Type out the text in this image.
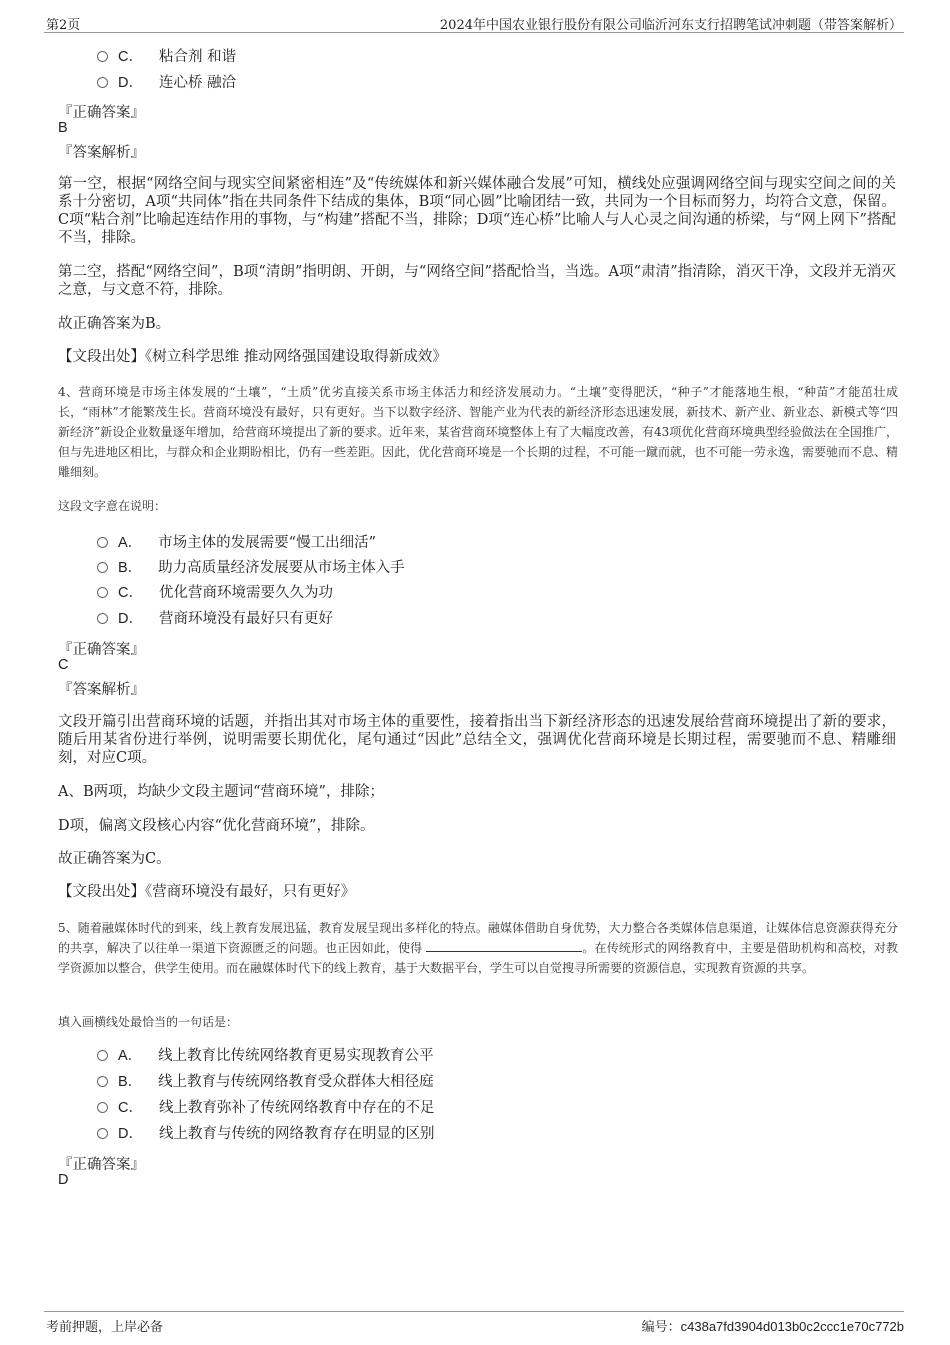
第2页	2024年中国农业银行股份有限公司临沂河东支行招聘笔试冲刺题（带答案解析）
C． 粘合剂 和谐
D． 连心桥 融洽
『正确答案』
B
『答案解析』
第一空，根据“网络空间与现实空间紧密相连”及“传统媒体和新兴媒体融合发展”可知，横线处应强调网络空间与现实空间之间的关系十分密切，A项“共同体”指在共同条件下结成的集体，B项“同心圆”比喻团结一致，共同为一个目标而努力，均符合文意，保留。C项“粘合剂”比喻起连结作用的事物，与“构建”搭配不当，排除；D项“连心桥”比喻人与人心灵之间沟通的桥梁，与“网上网下”搭配不当，排除。
第二空，搭配“网络空间”，B项“清朗”指明朗、开朗，与“网络空间”搭配恰当，当选。A项“肃清”指清除，消灭干净，文段并无消灭之意，与文意不符，排除。
故正确答案为B。
【文段出处】《树立科学思维 推动网络强国建设取得新成效》
4、营商环境是市场主体发展的“土壤”，“土质”优劣直接关系市场主体活力和经济发展动力。“土壤”变得肥沃，“种子”才能落地生根，“种苗”才能茁壮成长，“雨林”才能繁茂生长。营商环境没有最好，只有更好。当下以数字经济、智能产业为代表的新经济形态迅速发展，新技术、新产业、新业态、新模式等“四新经济”新设企业数量逐年增加，给营商环境提出了新的要求。近年来，某省营商环境整体上有了大幅度改善，有43项优化营商环境典型经验做法在全国推广，但与先进地区相比，与群众和企业期盼相比，仍有一些差距。因此，优化营商环境是一个长期的过程，不可能一蹴而就，也不可能一劳永逸，需要驰而不息、精雕细刻。
这段文字意在说明：
A． 市场主体的发展需要“慢工出细活”
B． 助力高质量经济发展要从市场主体入手
C． 优化营商环境需要久久为功
D． 营商环境没有最好只有更好
『正确答案』
C
『答案解析』
文段开篇引出营商环境的话题，并指出其对市场主体的重要性，接着指出当下新经济形态的迅速发展给营商环境提出了新的要求，随后用某省份进行举例，说明需要长期优化，尾句通过“因此”总结全文，强调优化营商环境是长期过程，需要驰而不息、精雕细刻，对应C项。
A、B两项，均缺少文段主题词“营商环境”，排除；
D项，偏离文段核心内容“优化营商环境”，排除。
故正确答案为C。
【文段出处】《营商环境没有最好，只有更好》
5、随着融媒体时代的到来，线上教育发展迅猛，教育发展呈现出多样化的特点。融媒体借助自身优势，大力整合各类媒体信息渠道，让媒体信息资源获得充分的共享，解决了以往单一渠道下资源匮乏的问题。也正因如此，使得	。在传统形式的网络教育中，主要是借助机构和高校，对教学资源加以整合，供学生使用。而在融媒体时代下的线上教育，基于大数据平台，学生可以自觉搜寻所需要的资源信息，实现教育资源的共享。
填入画横线处最恰当的一句话是：
A． 线上教育比传统网络教育更易实现教育公平
B． 线上教育与传统网络教育受众群体大相径庭
C． 线上教育弥补了传统网络教育中存在的不足
D． 线上教育与传统的网络教育存在明显的区别
『正确答案』
D
考前押题，上岸必备	编号：c438a7fd3904d013b0c2ccc1e70c772b
